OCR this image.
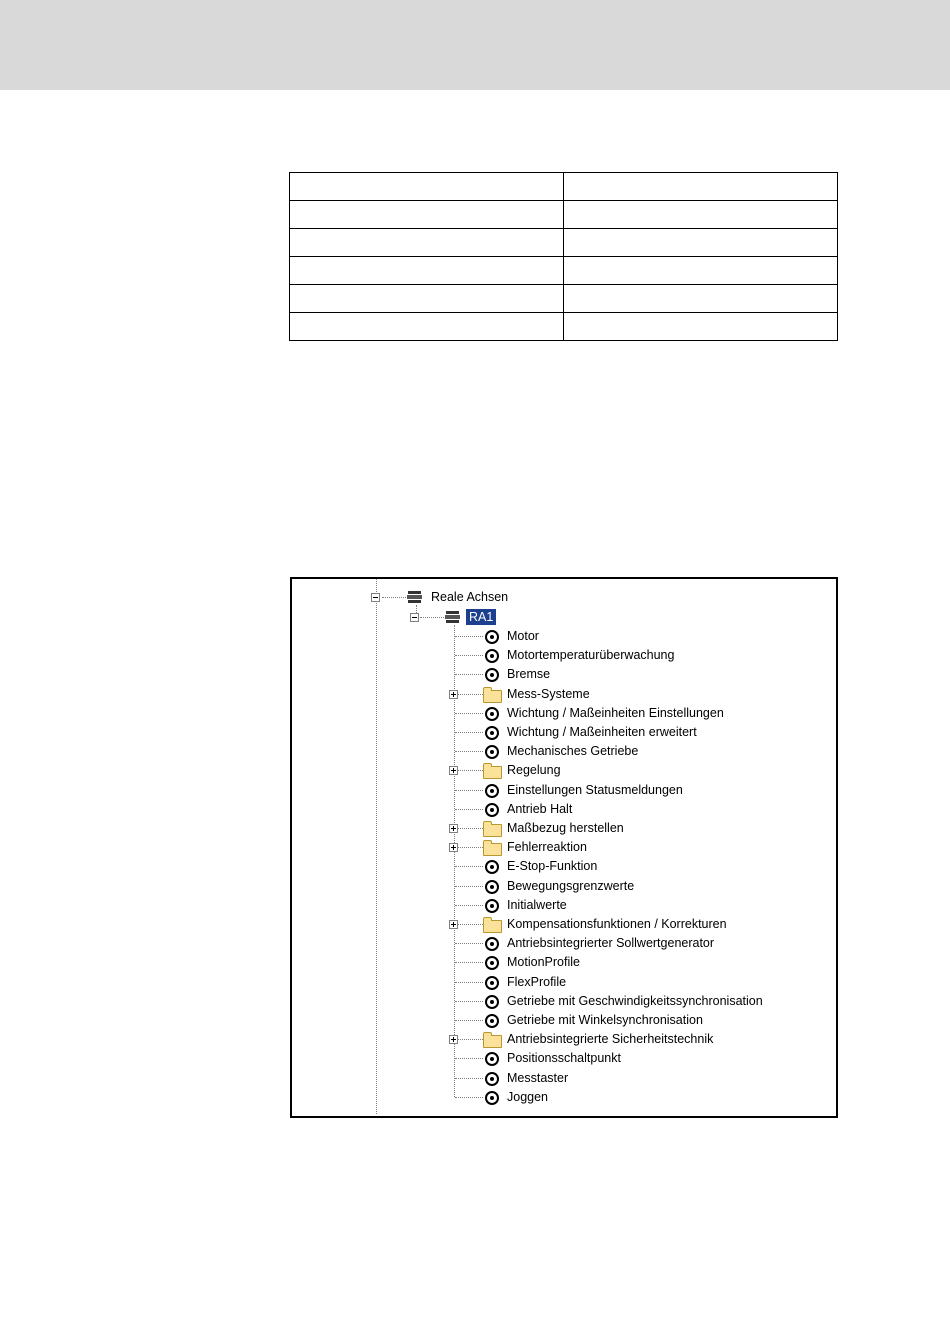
Reale Achsen
RA1
Motor
Motortemperaturüberwachung
Bremse
Mess-Systeme
Wichtung / Maßeinheiten Einstellungen
Wichtung / Maßeinheiten erweitert
Mechanisches Getriebe
Regelung
Einstellungen Statusmeldungen
Antrieb Halt
Maßbezug herstellen
Fehlerreaktion
E-Stop-Funktion
Bewegungsgrenzwerte
Initialwerte
Kompensationsfunktionen / Korrekturen
Antriebsintegrierter Sollwertgenerator
MotionProfile
FlexProfile
Getriebe mit Geschwindigkeitssynchronisation
Getriebe mit Winkelsynchronisation
Antriebsintegrierte Sicherheitstechnik
Positionsschaltpunkt
Messtaster
Joggen
